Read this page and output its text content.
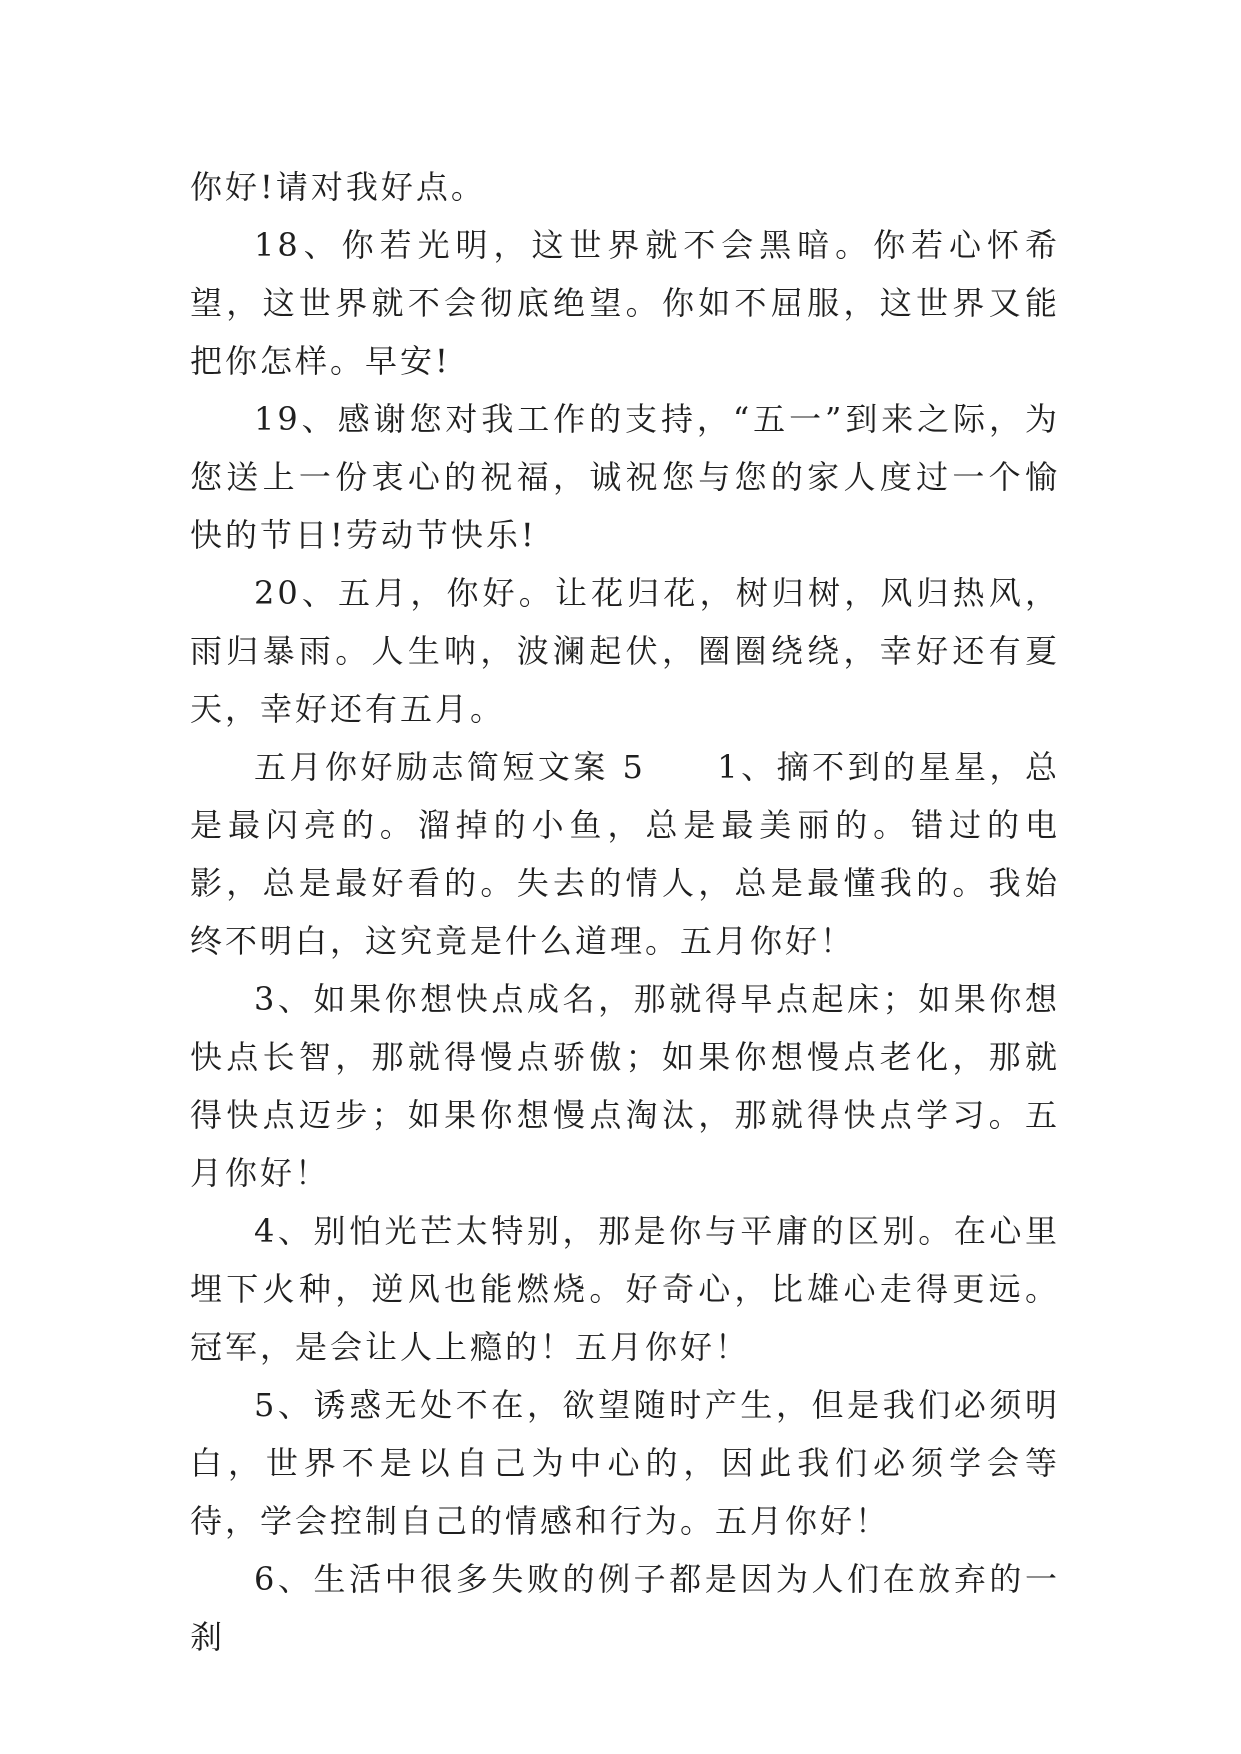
你好!请对我好点。

18、你若光明，这世界就不会黑暗。你若心怀希望，这世界就不会彻底绝望。你如不屈服，这世界又能把你怎样。早安!

19、感谢您对我工作的支持，“五一”到来之际，为您送上一份衷心的祝福，诚祝您与您的家人度过一个愉快的节日!劳动节快乐!

20、五月，你好。让花归花，树归树，风归热风，雨归暴雨。人生呐，波澜起伏，圈圈绕绕，幸好还有夏天，幸好还有五月。

五月你好励志简短文案 5　　1、摘不到的星星，总是最闪亮的。溜掉的小鱼，总是最美丽的。错过的电影，总是最好看的。失去的情人，总是最懂我的。我始终不明白，这究竟是什么道理。五月你好！

3、如果你想快点成名，那就得早点起床；如果你想快点长智，那就得慢点骄傲；如果你想慢点老化，那就得快点迈步；如果你想慢点淘汰，那就得快点学习。五月你好！

4、别怕光芒太特别，那是你与平庸的区别。在心里埋下火种，逆风也能燃烧。好奇心，比雄心走得更远。冠军，是会让人上瘾的！五月你好！

5、诱惑无处不在，欲望随时产生，但是我们必须明白，世界不是以自己为中心的，因此我们必须学会等待，学会控制自己的情感和行为。五月你好！

6、生活中很多失败的例子都是因为人们在放弃的一刹
